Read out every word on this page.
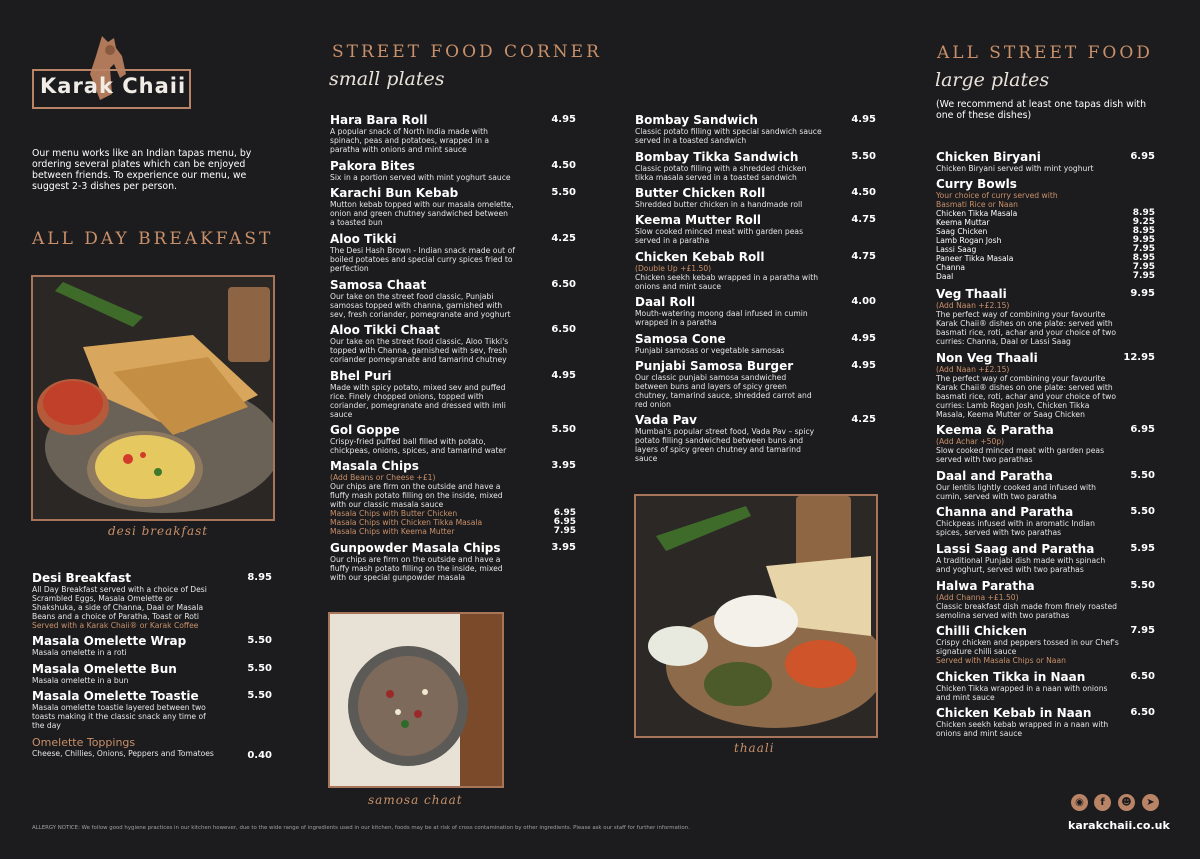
Karak Chaii
Our menu works like an Indian tapas menu, by ordering several plates which can be enjoyed between friends. To experience our menu, we suggest 2-3 dishes per person.
ALL DAY BREAKFAST
desi breakfast
Desi Breakfast	8.95
All Day Breakfast served with a choice of Desi Scrambled Eggs, Masala Omelette or Shakshuka, a side of Channa, Daal or Masala Beans and a choice of Paratha, Toast or Roti
Served with a Karak Chaii® or Karak Coffee
Masala Omelette Wrap	5.50
Masala omelette in a roti
Masala Omelette Bun	5.50
Masala omelette in a bun
Masala Omelette Toastie	5.50
Masala omelette toastie layered between two toasts making it the classic snack any time of the day
Omelette Toppings
Cheese, Chillies, Onions, Peppers and Tomatoes	0.40
STREET FOOD CORNER
small plates
Hara Bara Roll	4.95
A popular snack of North India made with spinach, peas and potatoes, wrapped in a paratha with onions and mint sauce
Pakora Bites	4.50
Six in a portion served with mint yoghurt sauce
Karachi Bun Kebab	5.50
Mutton kebab topped with our masala omelette, onion and green chutney sandwiched between a toasted bun
Aloo Tikki	4.25
The Desi Hash Brown - Indian snack made out of boiled potatoes and special curry spices fried to perfection
Samosa Chaat	6.50
Our take on the street food classic, Punjabi samosas topped with channa, garnished with sev, fresh coriander, pomegranate and yoghurt
Aloo Tikki Chaat	6.50
Our take on the street food classic, Aloo Tikki's topped with Channa, garnished with sev, fresh coriander pomegranate and tamarind chutney
Bhel Puri	4.95
Made with spicy potato, mixed sev and puffed rice. Finely chopped onions, topped with coriander, pomegranate and dressed with imli sauce
Gol Goppe	5.50
Crispy-fried puffed ball filled with potato, chickpeas, onions, spices, and tamarind water
Masala Chips	3.95
(Add Beans or Cheese +£1)
Our chips are firm on the outside and have a fluffy mash potato filling on the inside, mixed with our classic masala sauce
Masala Chips with Butter Chicken	6.95
Masala Chips with Chicken Tikka Masala	6.95
Masala Chips with Keema Mutter	7.95
Gunpowder Masala Chips	3.95
Our chips are firm on the outside and have a fluffy mash potato filling on the inside, mixed with our special gunpowder masala
Bombay Sandwich	4.95
Classic potato filling with special sandwich sauce served in a toasted sandwich
Bombay Tikka Sandwich	5.50
Classic potato filling with a shredded chicken tikka masala served in a toasted sandwich
Butter Chicken Roll	4.50
Shredded butter chicken in a handmade roll
Keema Mutter Roll	4.75
Slow cooked minced meat with garden peas served in a paratha
Chicken Kebab Roll	4.75
(Double Up +£1.50)
Chicken seekh kebab wrapped in a paratha with onions and mint sauce
Daal Roll	4.00
Mouth-watering moong daal infused in cumin wrapped in a paratha
Samosa Cone	4.95
Punjabi samosas or vegetable samosas
Punjabi Samosa Burger	4.95
Our classic punjabi samosa sandwiched between buns and layers of spicy green chutney, tamarind sauce, shredded carrot and red onion
Vada Pav	4.25
Mumbai's popular street food, Vada Pav – spicy potato filling sandwiched between buns and layers of spicy green chutney and tamarind sauce
samosa chaat
thaali
ALL STREET FOOD
large plates
(We recommend at least one tapas dish with one of these dishes)
Chicken Biryani	6.95
Chicken Biryani served with mint yoghurt
Curry Bowls
Your choice of curry served with Basmati Rice or Naan
Chicken Tikka Masala	8.95
Keema Muttar	9.25
Saag Chicken	8.95
Lamb Rogan Josh	9.95
Lassi Saag	7.95
Paneer Tikka Masala	8.95
Channa	7.95
Daal	7.95
Veg Thaali	9.95
(Add Naan +£2.15)
The perfect way of combining your favourite Karak Chaii® dishes on one plate: served with basmati rice, roti, achar and your choice of two curries: Channa, Daal or Lassi Saag
Non Veg Thaali	12.95
(Add Naan +£2.15)
The perfect way of combining your favourite Karak Chaii® dishes on one plate: served with basmati rice, roti, achar and your choice of two curries: Lamb Rogan Josh, Chicken Tikka Masala, Keema Mutter or Saag Chicken
Keema & Paratha	6.95
(Add Achar +50p)
Slow cooked minced meat with garden peas served with two parathas
Daal and Paratha	5.50
Our lentils lightly cooked and infused with cumin, served with two paratha
Channa and Paratha	5.50
Chickpeas infused with in aromatic Indian spices, served with two parathas
Lassi Saag and Paratha	5.95
A traditional Punjabi dish made with spinach and yoghurt, served with two parathas
Halwa Paratha	5.50
(Add Channa +£1.50)
Classic breakfast dish made from finely roasted semolina served with two parathas
Chilli Chicken	7.95
Crispy chicken and peppers tossed in our Chef's signature chilli sauce
Served with Masala Chips or Naan
Chicken Tikka in Naan	6.50
Chicken Tikka wrapped in a naan with onions and mint sauce
Chicken Kebab in Naan	6.50
Chicken seekh kebab wrapped in a naan with onions and mint sauce
◉	f	☻	➤
karakchaii.co.uk
ALLERGY NOTICE: We follow good hygiene practices in our kitchen however, due to the wide range of ingredients used in our kitchen, foods may be at risk of cross contamination by other ingredients. Please ask our staff for further information.
